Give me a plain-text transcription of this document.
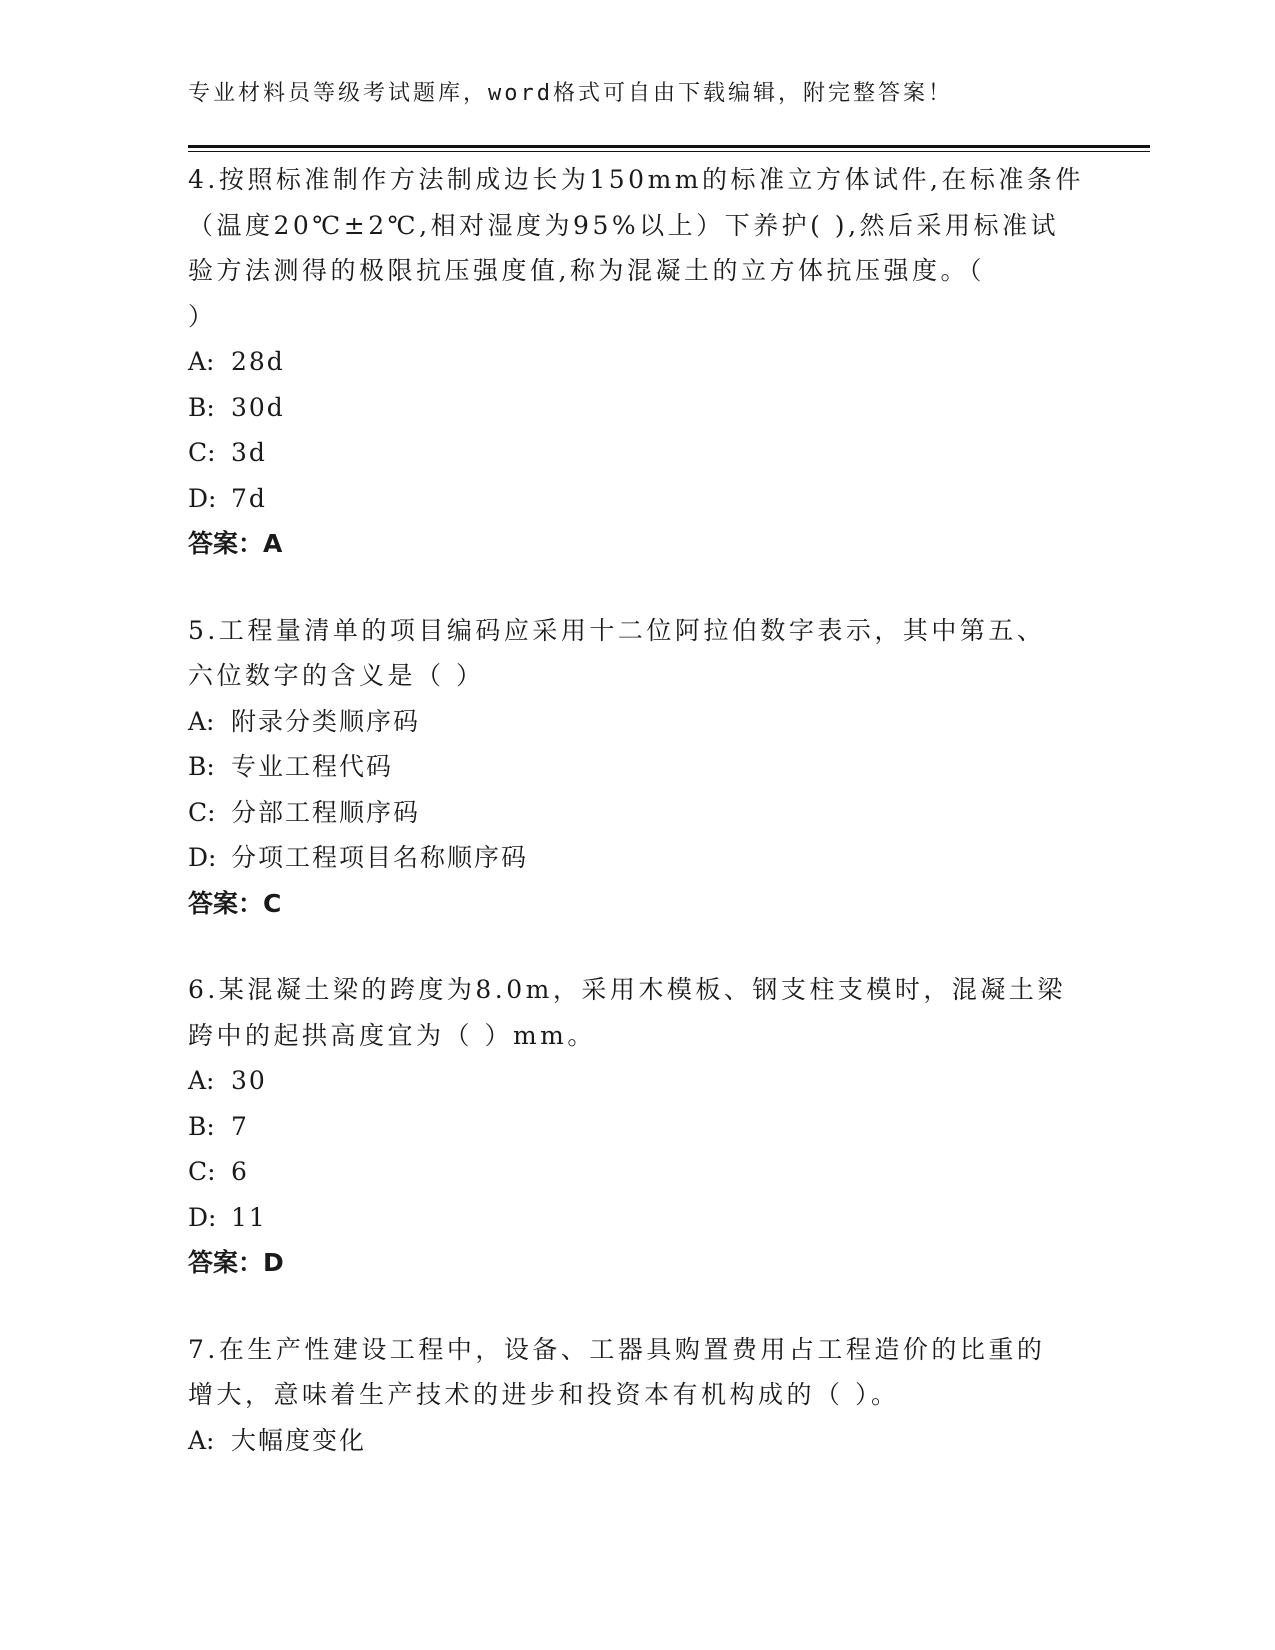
专业材料员等级考试题库，word格式可自由下载编辑，附完整答案！

4.按照标准制作方法制成边长为150mm的标准立方体试件,在标准条件

（温度20℃±2℃,相对湿度为95%以上）下养护( ),然后采用标准试

验方法测得的极限抗压强度值,称为混凝土的立方体抗压强度。（

）

A: 28d

B: 30d

C: 3d

D: 7d

答案：A

5.工程量清单的项目编码应采用十二位阿拉伯数字表示，其中第五、

六位数字的含义是（ ）

A: 附录分类顺序码

B: 专业工程代码

C: 分部工程顺序码

D: 分项工程项目名称顺序码

答案：C

6.某混凝土梁的跨度为8.0m，采用木模板、钢支柱支模时，混凝土梁

跨中的起拱高度宜为（ ）mm。

A: 30

B: 7

C: 6

D: 11

答案：D

7.在生产性建设工程中，设备、工器具购置费用占工程造价的比重的

增大，意味着生产技术的进步和投资本有机构成的（ ）。

A: 大幅度变化
